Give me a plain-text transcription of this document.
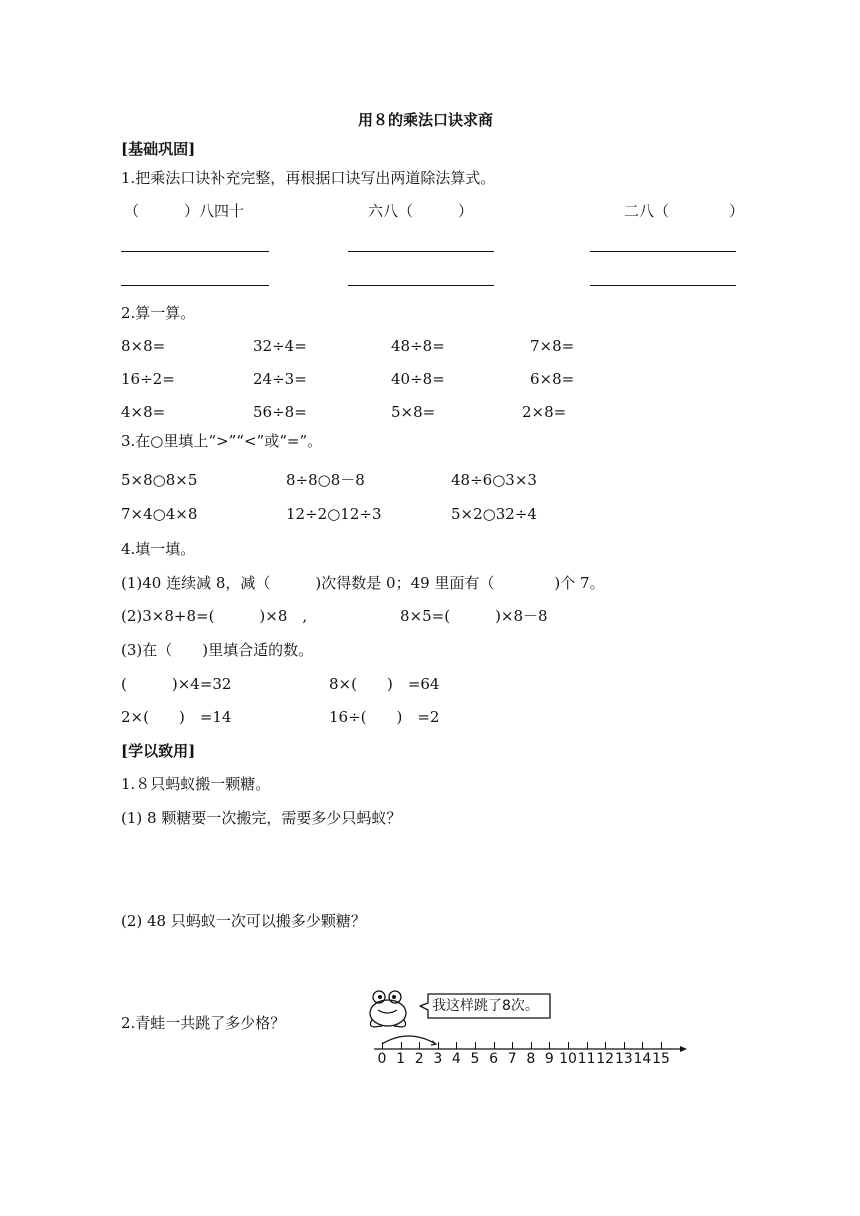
用８的乘法口诀求商
[基础巩固]
1.把乘法口诀补充完整，再根据口诀写出两道除法算式。
（　　　）八四十	六八（　　　）	二八（　　　　）
2.算一算。
8×8=	32÷4=	48÷8=	7×8=
16÷2=	24÷3=	40÷8=	6×8=
4×8=	56÷8=	5×8=	2×8=
3.在○里填上“>”“<”或“=”。
5×8○8×5	8÷8○8－8	48÷6○3×3
7×4○4×8	12÷2○12÷3	5×2○32÷4
4.填一填。
(1)40 连续减 8，减（　　　)次得数是 0；49 里面有（　　　　)个 7。
(2)3×8+8=(　　　)×8　,	8×5=(　　　)×8－8
(3)在（　　)里填合适的数。
(　　　)×4=32	8×(　　)　=64
2×(　　)　=14	16÷(　　)　=2
[学以致用]
1.８只蚂蚁搬一颗糖。
(1) 8 颗糖要一次搬完，需要多少只蚂蚁？
(2) 48 只蚂蚁一次可以搬多少颗糖？
2.青蛙一共跳了多少格？
我这样跳了8次。
0 1 2 3 4 5 6 7 8 9 10 11 12 13 14 15
